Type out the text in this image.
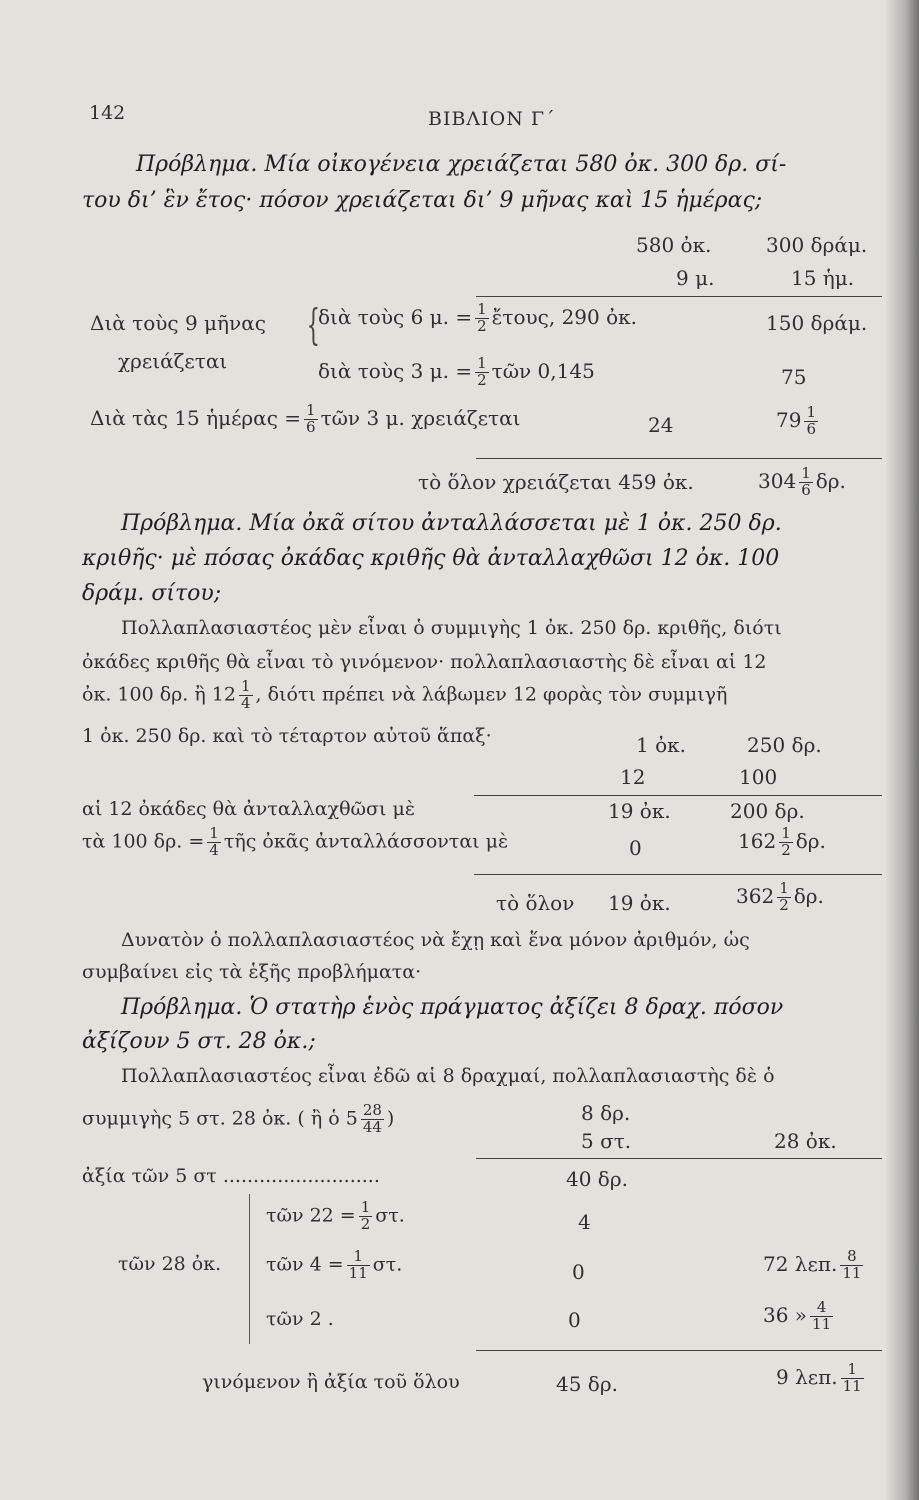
142	ΒΙΒΛΙΟΝ Γ΄
Πρόβλημα. Μία οἰκογένεια χρειάζεται 580 ὀκ. 300 δρ. σί-
του δι’ ἓν ἔτος· πόσον χρειάζεται δι’ 9 μῆνας καὶ 15 ἡμέρας;
580 ὀκ.	300 δράμ.
9 μ.	15 ἡμ.
Διὰ τοὺς 9 μῆνας
χρειάζεται
{
διὰ τοὺς 6 μ. = $\frac{1}{2}$ ἔτους, 290 ὀκ.	150 δράμ.
διὰ τοὺς 3 μ. = $\frac{1}{2}$ τῶν 0,145	75
Διὰ τὰς 15 ἡμέρας = $\frac{1}{6}$ τῶν 3 μ. χρειάζεται	24	$79 \frac{1}{6}$
τὸ ὅλον χρειάζεται 459 ὀκ.	$304 \frac{1}{6} \delta\rho$.
Πρόβλημα. Μία ὀκᾶ σίτου ἀνταλλάσσεται μὲ 1 ὀκ. 250 δρ.
κριθῆς· μὲ πόσας ὀκάδας κριθῆς θὰ ἀνταλλαχθῶσι 12 ὀκ. 100
δράμ. σίτου;
Πολλαπλασιαστέος μὲν εἶναι ὁ συμμιγὴς 1 ὀκ. 250 δρ. κριθῆς, διότι
ὀκάδες κριθῆς θὰ εἶναι τὸ γινόμενον· πολλαπλασιαστὴς δὲ εἶναι αἱ 12
ὀκ. 100 δρ. ἢ $12 \frac{1}{4}$ , διότι πρέπει νὰ λάβωμεν 12 φορὰς τὸν συμμιγῆ
1 ὀκ. 250 δρ. καὶ τὸ τέταρτον αὐτοῦ ἅπαξ·	1 ὀκ.	250 δρ.
12	100
αἱ 12 ὀκάδες θὰ ἀνταλλαχθῶσι μὲ	19 ὀκ.	200 δρ.
τὰ 100 δρ. = $\frac{1}{4}$ τῆς ὀκᾶς ἀνταλλάσσονται μὲ	0	$162 \frac{1}{2} \delta\rho$.
τὸ ὅλον 19 ὀκ.	$362 \frac{1}{2} \delta\rho$.
Δυνατὸν ὁ πολλαπλασιαστέος νὰ ἔχῃ καὶ ἕνα μόνον ἀριθμόν, ὡς
συμβαίνει εἰς τὰ ἑξῆς προβλήματα·
Πρόβλημα. Ὁ στατὴρ ἑνὸς πράγματος ἀξίζει 8 δραχ. πόσον
ἀξίζουν 5 στ. 28 ὀκ.;
Πολλαπλασιαστέος εἶναι ἐδῶ αἱ 8 δραχμαί, πολλαπλασιαστὴς δὲ ὁ
συμμιγὴς 5 στ. 28 ὀκ. ( ἢ ὁ $5 \frac{28}{44}$ )	8 δρ.
5 στ.	28 ὀκ.
ἀξία τῶν 5 στ ..........................	40 δρ.
τῶν 28 ὀκ.
τῶν $22 = \frac{1}{2} \sigma\tau$.	4
τῶν $4 = \frac{1}{11} \sigma\tau$.	0	72 λεπ. $\frac{8}{11}$
τῶν 2 .	0	36 » $\frac{4}{11}$
γινόμενον ἢ ἀξία τοῦ ὅλου	45 δρ.	9 λεπ. $\frac{1}{11}$
